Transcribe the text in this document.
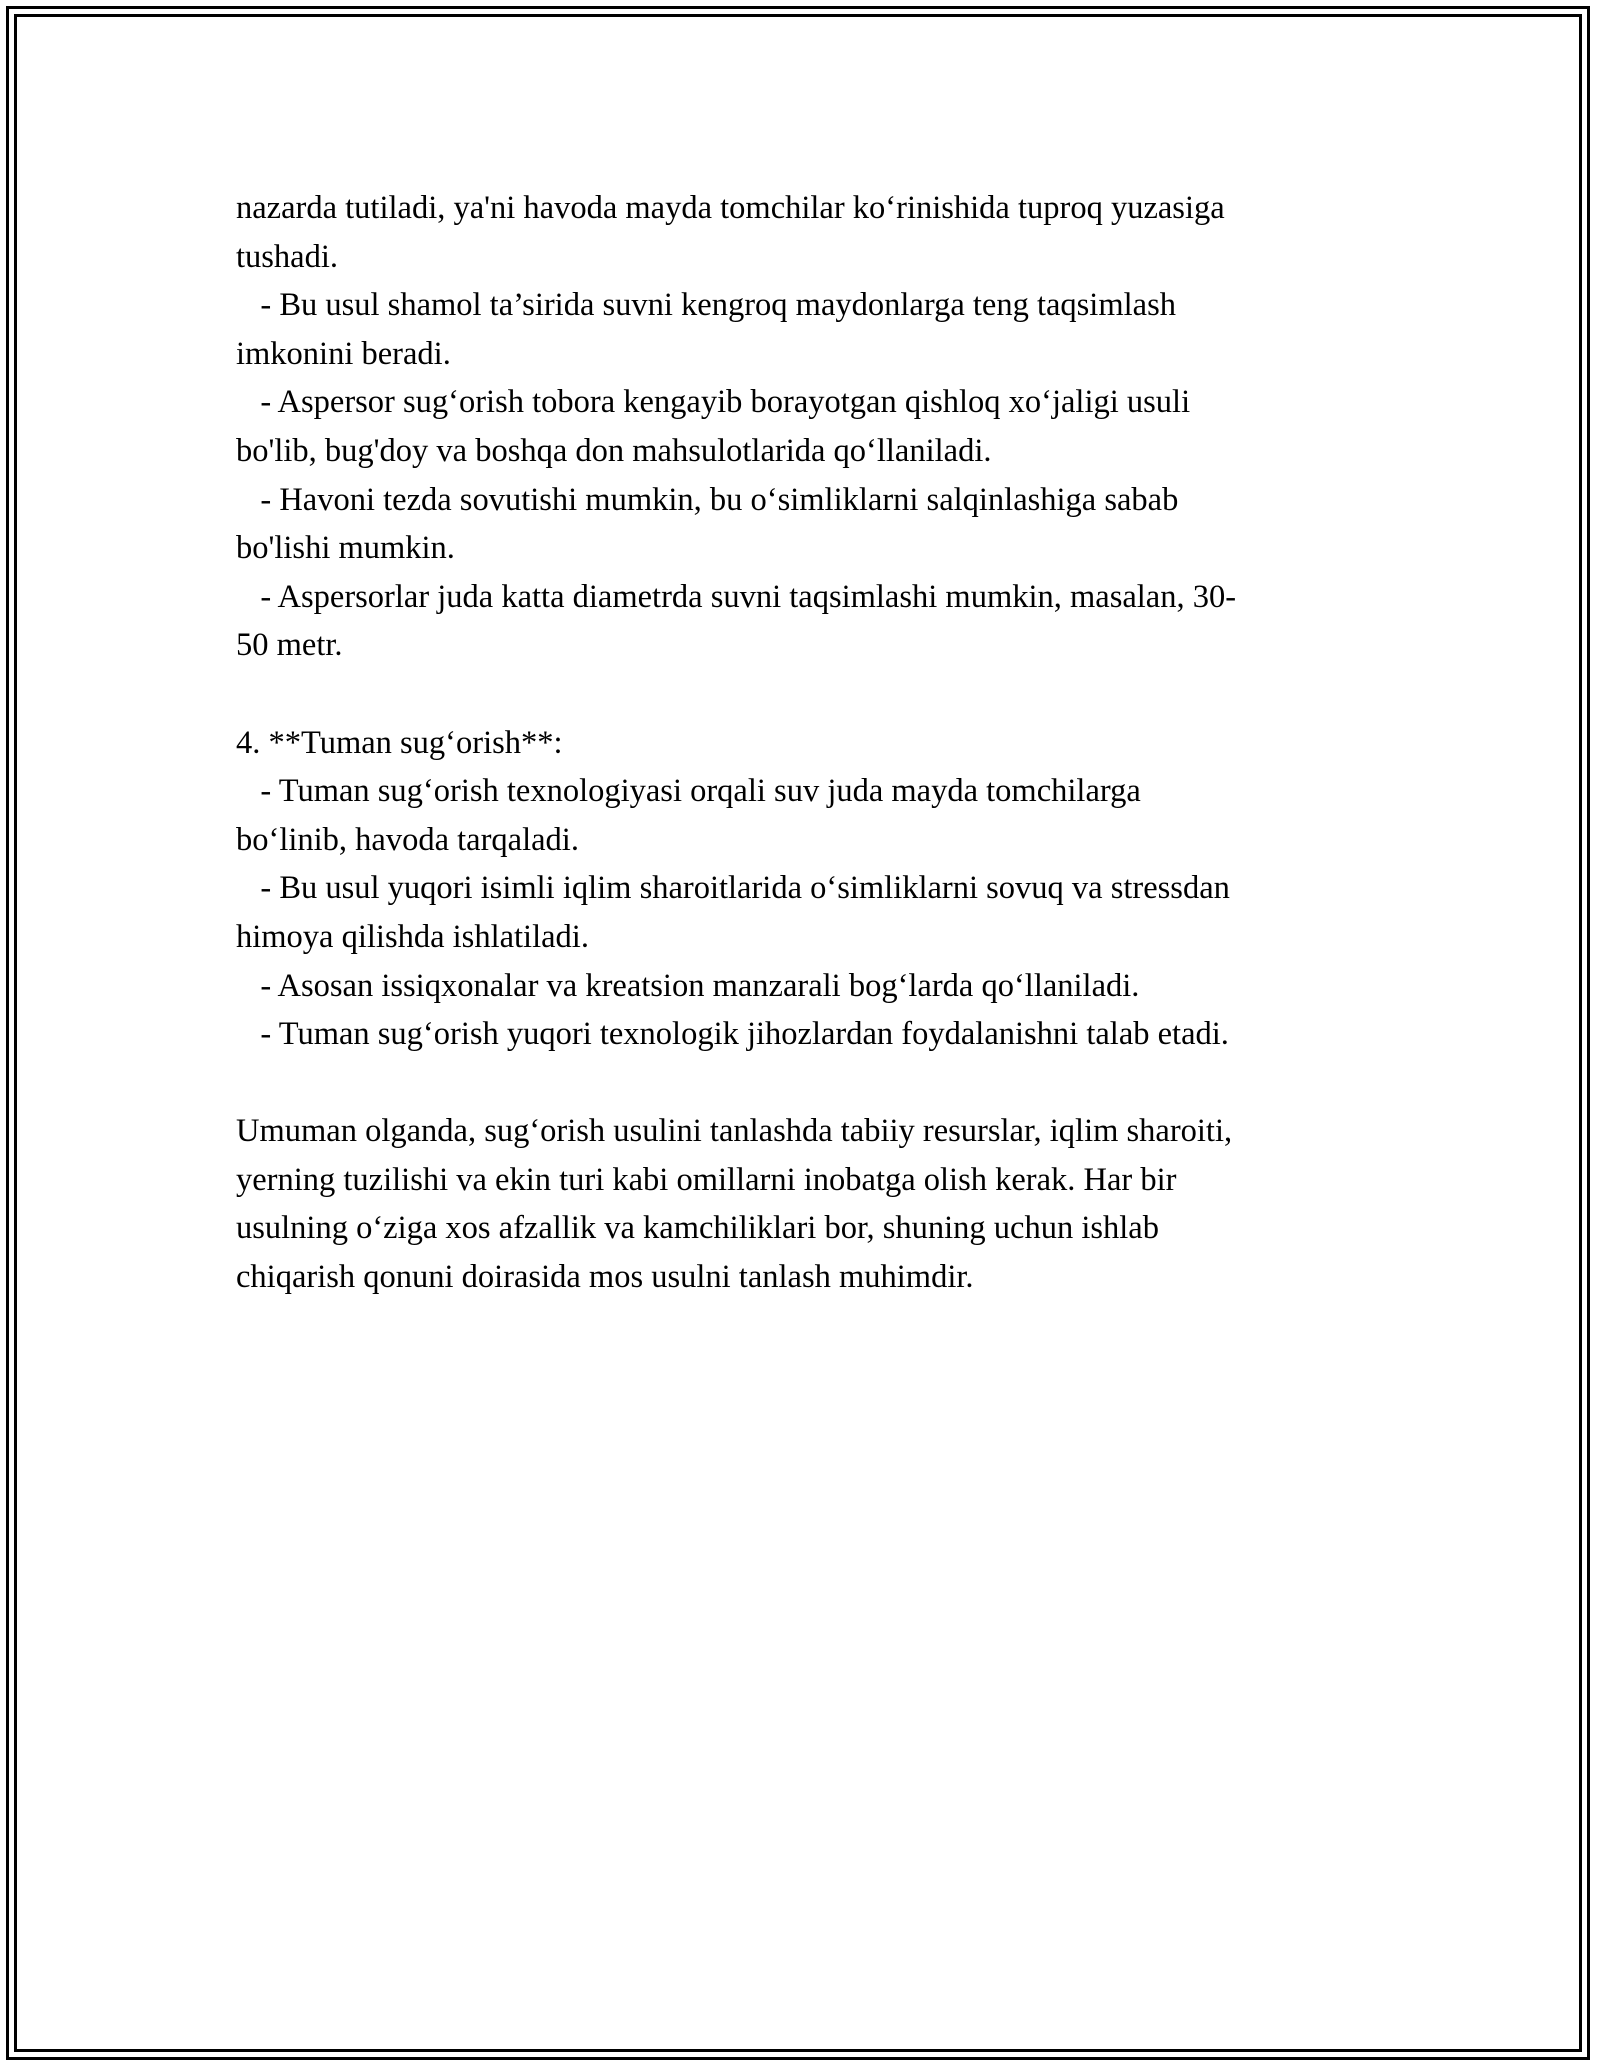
nazarda tutiladi, ya'ni havoda mayda tomchilar ko‘rinishida tuproq yuzasiga
tushadi.
- Bu usul shamol ta’sirida suvni kengroq maydonlarga teng taqsimlash
imkonini beradi.
- Aspersor sug‘orish tobora kengayib borayotgan qishloq xo‘jaligi usuli
bo'lib, bug'doy va boshqa don mahsulotlarida qo‘llaniladi.
- Havoni tezda sovutishi mumkin, bu o‘simliklarni salqinlashiga sabab
bo'lishi mumkin.
- Aspersorlar juda katta diametrda suvni taqsimlashi mumkin, masalan, 30-
50 metr.
4. **Tuman sug‘orish**:
- Tuman sug‘orish texnologiyasi orqali suv juda mayda tomchilarga
bo‘linib, havoda tarqaladi.
- Bu usul yuqori isimli iqlim sharoitlarida o‘simliklarni sovuq va stressdan
himoya qilishda ishlatiladi.
- Asosan issiqxonalar va kreatsion manzarali bog‘larda qo‘llaniladi.
- Tuman sug‘orish yuqori texnologik jihozlardan foydalanishni talab etadi.
Umuman olganda, sug‘orish usulini tanlashda tabiiy resurslar, iqlim sharoiti,
yerning tuzilishi va ekin turi kabi omillarni inobatga olish kerak. Har bir
usulning o‘ziga xos afzallik va kamchiliklari bor, shuning uchun ishlab
chiqarish qonuni doirasida mos usulni tanlash muhimdir.
